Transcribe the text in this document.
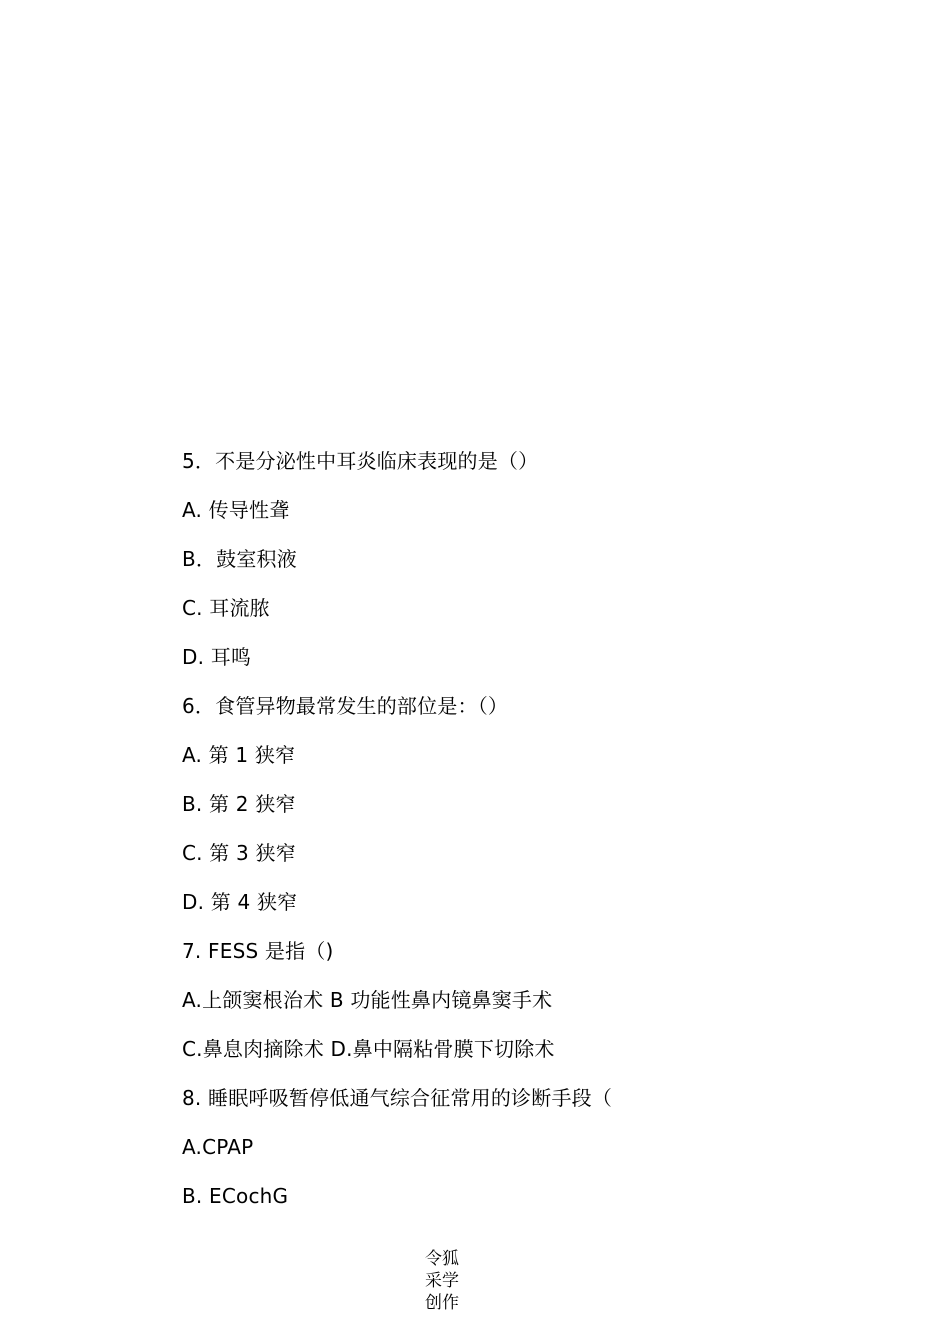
5．不是分泌性中耳炎临床表现的是（）
A. 传导性聋
B．鼓室积液
C. 耳流脓
D. 耳鸣
6．食管异物最常发生的部位是：（）
A. 第 1 狭窄
B. 第 2 狭窄
C. 第 3 狭窄
D. 第 4 狭窄
7. FESS 是指（)
A.上颌窦根治术 B 功能性鼻内镜鼻窦手术
C.鼻息肉摘除术 D.鼻中隔粘骨膜下切除术
8. 睡眠呼吸暂停低通气综合征常用的诊断手段（
A.CPAP
B. ECochG
令狐
采学
创作
